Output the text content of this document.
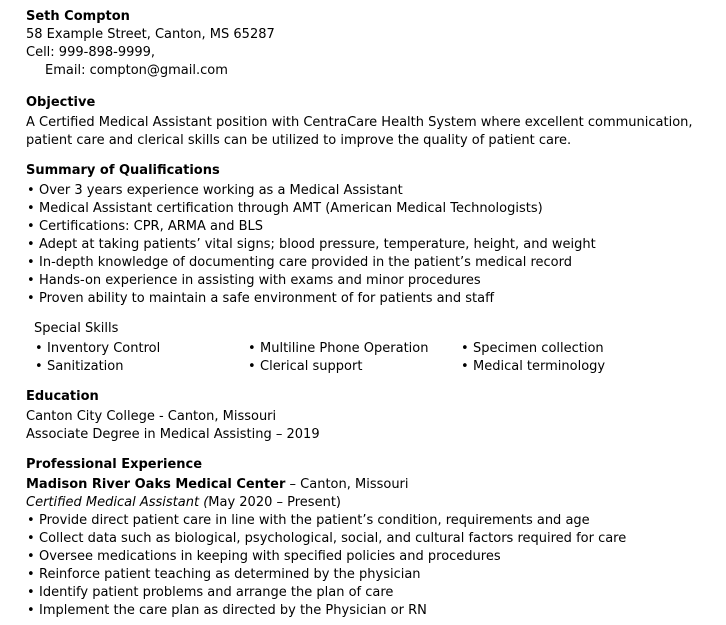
Seth Compton
58 Example Street, Canton, MS 65287
Cell: 999-898-9999,
Email: compton@gmail.com
Objective
A Certified Medical Assistant position with CentraCare Health System where excellent communication, patient care and clerical skills can be utilized to improve the quality of patient care.
Summary of Qualifications
• Over 3 years experience working as a Medical Assistant
• Medical Assistant certification through AMT (American Medical Technologists)
• Certifications: CPR, ARMA and BLS
• Adept at taking patients’ vital signs; blood pressure, temperature, height, and weight
• In-depth knowledge of documenting care provided in the patient’s medical record
• Hands-on experience in assisting with exams and minor procedures
• Proven ability to maintain a safe environment of for patients and staff
Special Skills
• Inventory Control
• Sanitization
• Multiline Phone Operation
• Clerical support
• Specimen collection
• Medical terminology
Education
Canton City College - Canton, Missouri
Associate Degree in Medical Assisting – 2019
Professional Experience
Madison River Oaks Medical Center – Canton, Missouri
Certified Medical Assistant (May 2020 – Present)
• Provide direct patient care in line with the patient’s condition, requirements and age
• Collect data such as biological, psychological, social, and cultural factors required for care
• Oversee medications in keeping with specified policies and procedures
• Reinforce patient teaching as determined by the physician
• Identify patient problems and arrange the plan of care
• Implement the care plan as directed by the Physician or RN
